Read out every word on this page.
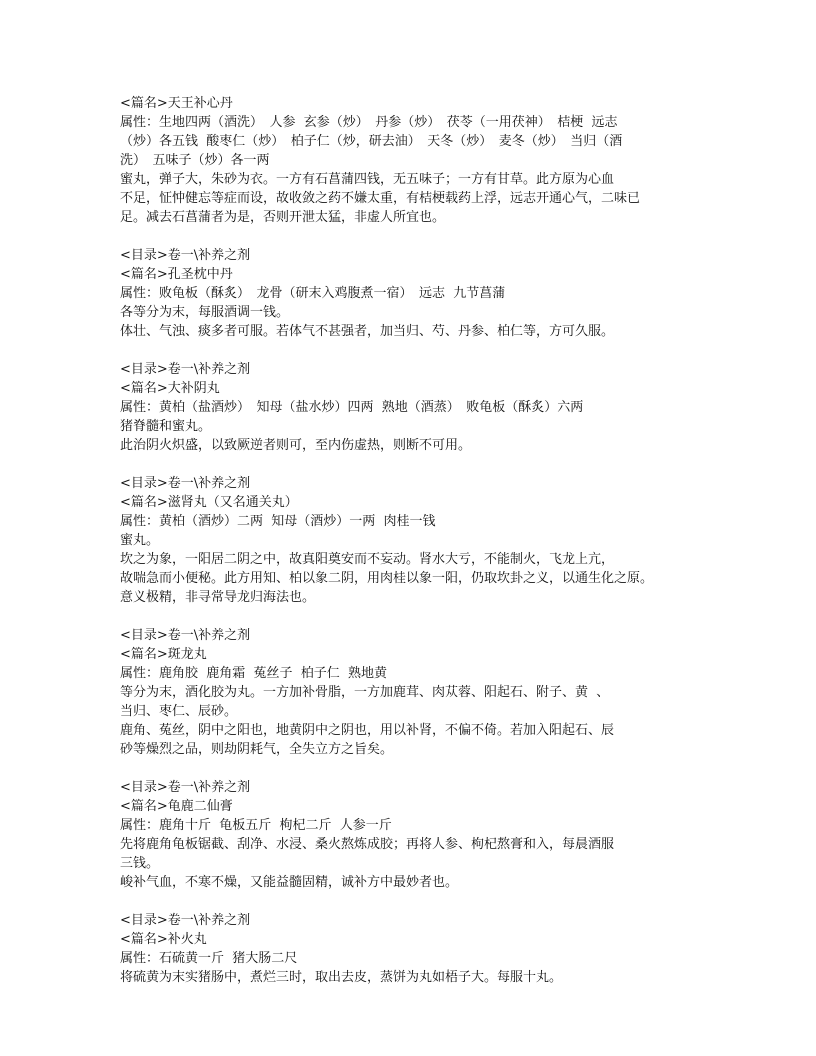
<篇名>天王补心丹
属性：生地四两（酒洗）　人参  玄参（炒）　丹参（炒）　茯苓（一用茯神）　桔梗  远志
（炒）各五钱  酸枣仁（炒）　柏子仁（炒，研去油）　天冬（炒）　麦冬（炒）　当归（酒
洗）　五味子（炒）各一两
蜜丸，弹子大，朱砂为衣。一方有石菖蒲四钱，无五味子；一方有甘草。此方原为心血
不足，怔忡健忘等症而设，故收敛之药不嫌太重，有桔梗载药上浮，远志开通心气，二味已
足。减去石菖蒲者为是，否则开泄太猛，非虚人所宜也。
<目录>卷一\补养之剂
<篇名>孔圣枕中丹
属性：败龟板（酥炙）　龙骨（研末入鸡腹煮一宿）　远志  九节菖蒲
各等分为末，每服酒调一钱。
体壮、气浊、痰多者可服。若体气不甚强者，加当归、芍、丹参、柏仁等，方可久服。
<目录>卷一\补养之剂
<篇名>大补阴丸
属性：黄柏（盐酒炒）　知母（盐水炒）四两  熟地（酒蒸）　败龟板（酥炙）六两
猪脊髓和蜜丸。
此治阴火炽盛，以致厥逆者则可，至内伤虚热，则断不可用。
<目录>卷一\补养之剂
<篇名>滋肾丸（又名通关丸）
属性：黄柏（酒炒）二两  知母（酒炒）一两  肉桂一钱
蜜丸。
坎之为象，一阳居二阴之中，故真阳奠安而不妄动。肾水大亏，不能制火，飞龙上亢，
故喘急而小便秘。此方用知、柏以象二阴，用肉桂以象一阳，仍取坎卦之义，以通生化之原。
意义极精，非寻常导龙归海法也。
<目录>卷一\补养之剂
<篇名>斑龙丸
属性：鹿角胶  鹿角霜  菟丝子  柏子仁  熟地黄
等分为末，酒化胶为丸。一方加补骨脂，一方加鹿茸、肉苁蓉、阳起石、附子、黄  、
当归、枣仁、辰砂。
鹿角、菟丝，阴中之阳也，地黄阴中之阴也，用以补肾，不偏不倚。若加入阳起石、辰
砂等燥烈之品，则劫阴耗气，全失立方之旨矣。
<目录>卷一\补养之剂
<篇名>龟鹿二仙膏
属性：鹿角十斤  龟板五斤  枸杞二斤  人参一斤
先将鹿角龟板锯截、刮净、水浸、桑火熬炼成胶；再将人参、枸杞熬膏和入，每晨酒服
三钱。
峻补气血，不寒不燥，又能益髓固精，诚补方中最妙者也。
<目录>卷一\补养之剂
<篇名>补火丸
属性：石硫黄一斤  猪大肠二尺
将硫黄为末实猪肠中，煮烂三时，取出去皮，蒸饼为丸如梧子大。每服十丸。
